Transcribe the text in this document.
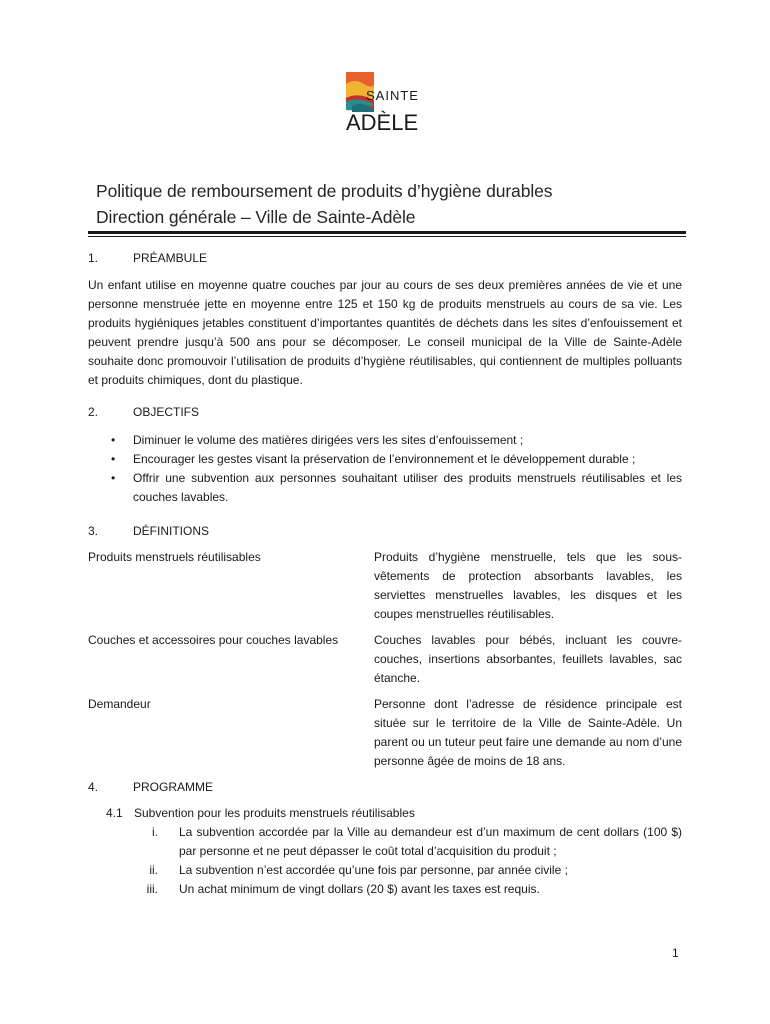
SAINTE
ADÈLE
Politique de remboursement de produits d’hygiène durables
Direction générale – Ville de Sainte-Adèle
1.	PRÉAMBULE
Un enfant utilise en moyenne quatre couches par jour au cours de ses deux premières années de vie et une personne menstruée jette en moyenne entre 125 et 150 kg de produits menstruels au cours de sa vie. Les produits hygiéniques jetables constituent d’importantes quantités de déchets dans les sites d’enfouissement et peuvent prendre jusqu’à 500 ans pour se décomposer. Le conseil municipal de la Ville de Sainte-Adèle souhaite donc promouvoir l’utilisation de produits d’hygiène réutilisables, qui contiennent de multiples polluants et produits chimiques, dont du plastique.
2.	OBJECTIFS
• Diminuer le volume des matières dirigées vers les sites d’enfouissement ;
• Encourager les gestes visant la préservation de l’environnement et le développement durable ;
• Offrir une subvention aux personnes souhaitant utiliser des produits menstruels réutilisables et les couches lavables.
3.	DÉFINITIONS
Produits menstruels réutilisables	Produits d’hygiène menstruelle, tels que les sous-vêtements de protection absorbants lavables, les serviettes menstruelles lavables, les disques et les coupes menstruelles réutilisables.
Couches et accessoires pour couches lavables	Couches lavables pour bébés, incluant les couvre-couches, insertions absorbantes, feuillets lavables, sac étanche.
Demandeur	Personne dont l’adresse de résidence principale est située sur le territoire de la Ville de Sainte-Adèle. Un parent ou un tuteur peut faire une demande au nom d’une personne âgée de moins de 18 ans.
4.	PROGRAMME
4.1 Subvention pour les produits menstruels réutilisables
i. La subvention accordée par la Ville au demandeur est d’un maximum de cent dollars (100 $) par personne et ne peut dépasser le coût total d’acquisition du produit ;
ii. La subvention n’est accordée qu’une fois par personne, par année civile ;
iii. Un achat minimum de vingt dollars (20 $) avant les taxes est requis.
1
